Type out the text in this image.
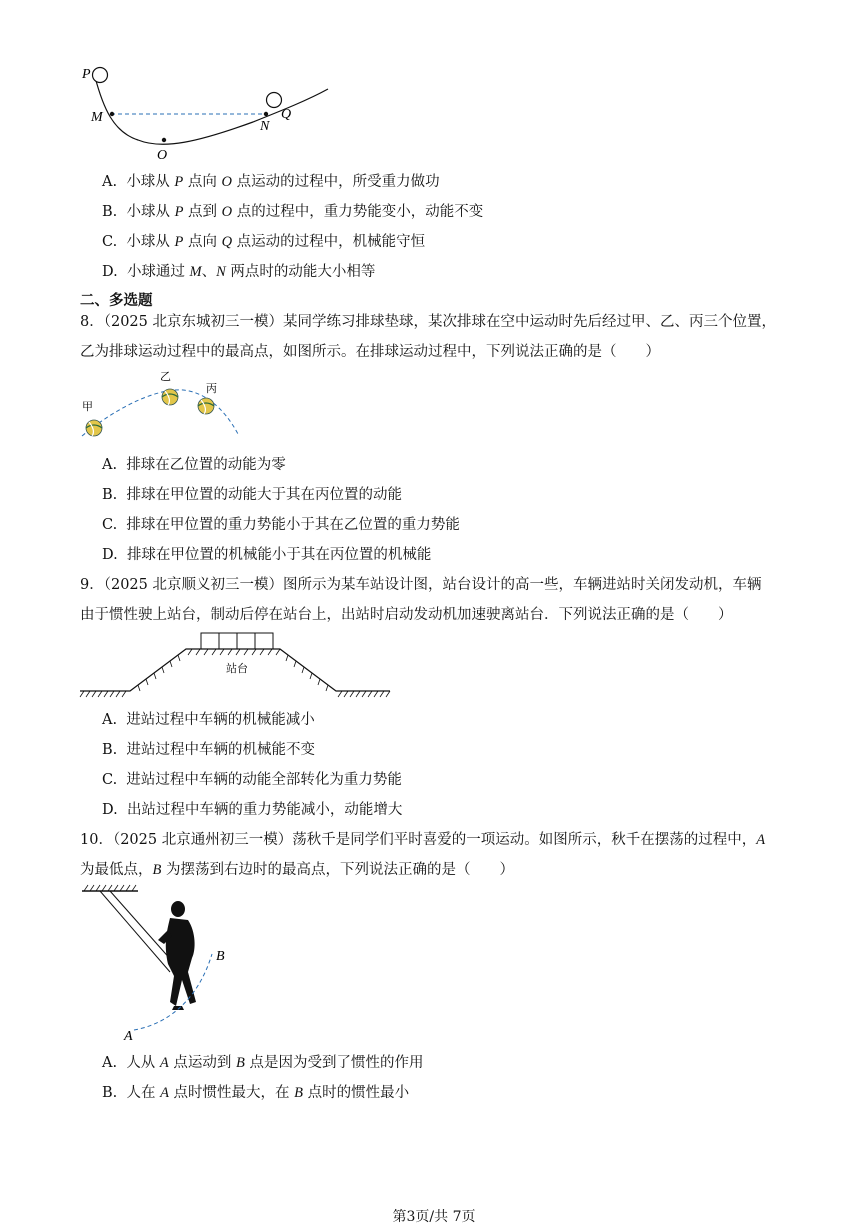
P
M
O
N
Q
A. 小球从 P 点向 O 点运动的过程中，所受重力做功
B. 小球从 P 点到 O 点的过程中，重力势能变小，动能不变
C. 小球从 P 点向 Q 点运动的过程中，机械能守恒
D. 小球通过 M、N 两点时的动能大小相等
二、多选题
8．（2025 北京东城初三一模）某同学练习排球垫球，某次排球在空中运动时先后经过甲、乙、丙三个位置，
乙为排球运动过程中的最高点，如图所示。在排球运动过程中，下列说法正确的是（　　）
甲
乙
丙
A. 排球在乙位置的动能为零
B. 排球在甲位置的动能大于其在丙位置的动能
C. 排球在甲位置的重力势能小于其在乙位置的重力势能
D. 排球在甲位置的机械能小于其在丙位置的机械能
9．（2025 北京顺义初三一模）图所示为某车站设计图，站台设计的高一些，车辆进站时关闭发动机，车辆
由于惯性驶上站台，制动后停在站台上，出站时启动发动机加速驶离站台．下列说法正确的是（　　）
站台
A. 进站过程中车辆的机械能减小
B. 进站过程中车辆的机械能不变
C. 进站过程中车辆的动能全部转化为重力势能
D. 出站过程中车辆的重力势能减小，动能增大
10．（2025 北京通州初三一模）荡秋千是同学们平时喜爱的一项运动。如图所示，秋千在摆荡的过程中，A
为最低点，B 为摆荡到右边时的最高点，下列说法正确的是（　　）
A
B
A. 人从 A 点运动到 B 点是因为受到了惯性的作用
B. 人在 A 点时惯性最大，在 B 点时的惯性最小
第3页/共 7页
